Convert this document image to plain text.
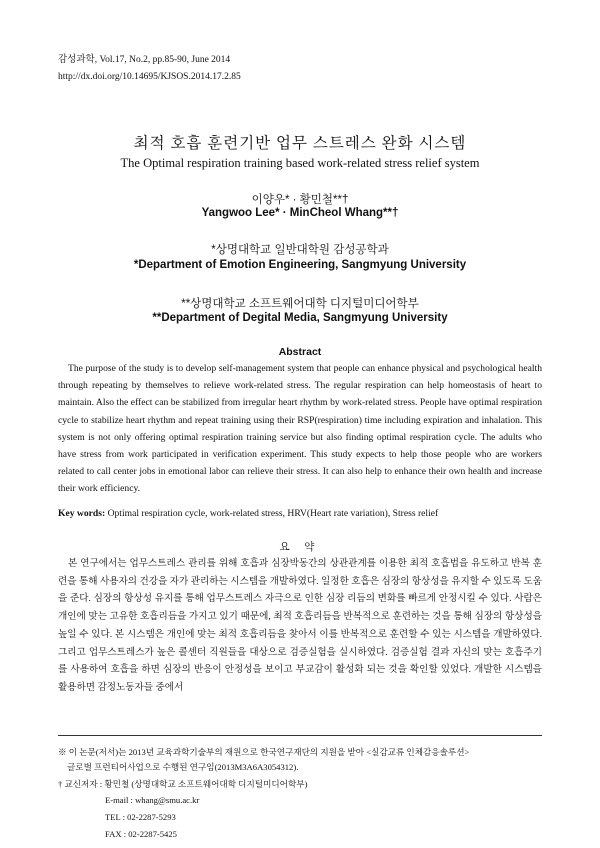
감성과학, Vol.17, No.2, pp.85-90, June 2014
http://dx.doi.org/10.14695/KJSOS.2014.17.2.85
최적 호흡 훈련기반 업무 스트레스 완화 시스템
The Optimal respiration training based work-related stress relief system
이양우* · 황민철**†
Yangwoo Lee* · MinCheol Whang**†
*상명대학교 일반대학원 감성공학과
*Department of Emotion Engineering, Sangmyung University
**상명대학교 소프트웨어대학 디지털미디어학부
**Department of Degital Media, Sangmyung University
Abstract

The purpose of the study is to develop self-management system that people can enhance physical and psychological health through repeating by themselves to relieve work-related stress. The regular respiration can help homeostasis of heart to maintain. Also the effect can be stabilized from irregular heart rhythm by work-related stress. People have optimal respiration cycle to stabilize heart rhythm and repeat training using their RSP(respiration) time including expiration and inhalation. This system is not only offering optimal respiration training service but also finding optimal respiration cycle. The adults who have stress from work participated in verification experiment. This study expects to help those people who are workers related to call center jobs in emotional labor can relieve their stress. It can also help to enhance their own health and increase their work efficiency.

Key words: Optimal respiration cycle, work-related stress, HRV(Heart rate variation), Stress relief
요 약

본 연구에서는 업무스트레스 관리를 위해 호흡과 심장박동간의 상관관계를 이용한 최적 호흡법을 유도하고 반복 훈련을 통해 사용자의 건강을 자가 관리하는 시스템을 개발하였다. 일정한 호흡은 심장의 항상성을 유지할 수 있도록 도움을 준다. 심장의 항상성 유지를 통해 업무스트레스 자극으로 인한 심장 리듬의 변화를 빠르게 안정시킬 수 있다. 사람은 개인에 맞는 고유한 호흡리듬을 가지고 있기 때문에, 최적 호흡리듬을 반복적으로 훈련하는 것을 통해 심장의 항상성을 높일 수 있다. 본 시스템은 개인에 맞는 최적 호흡리듬을 찾아서 이를 반복적으로 훈련할 수 있는 시스템을 개발하였다. 그리고 업무스트레스가 높은 콜센터 직원들을 대상으로 검증실험을 실시하였다. 검증실험 결과 자신의 맞는 호흡주기를 사용하여 호흡을 하면 심장의 반응이 안정성을 보이고 부교감이 활성화 되는 것을 확인할 있었다. 개발한 시스템을 활용하면 감정노동자들 중에서

※ 이 논문(저서)는 2013년 교육과학기술부의 재원으로 한국연구재단의 지원을 받아 <실감교류 인체감응솔루션>
글로벌 프런티어사업으로 수행된 연구임(2013M3A6A3054312).
† 교신저자 : 황민철 (상명대학교 소프트웨어대학 디지털미디어학부)
E-mail : whang@smu.ac.kr
TEL : 02-2287-5293
FAX : 02-2287-5425
